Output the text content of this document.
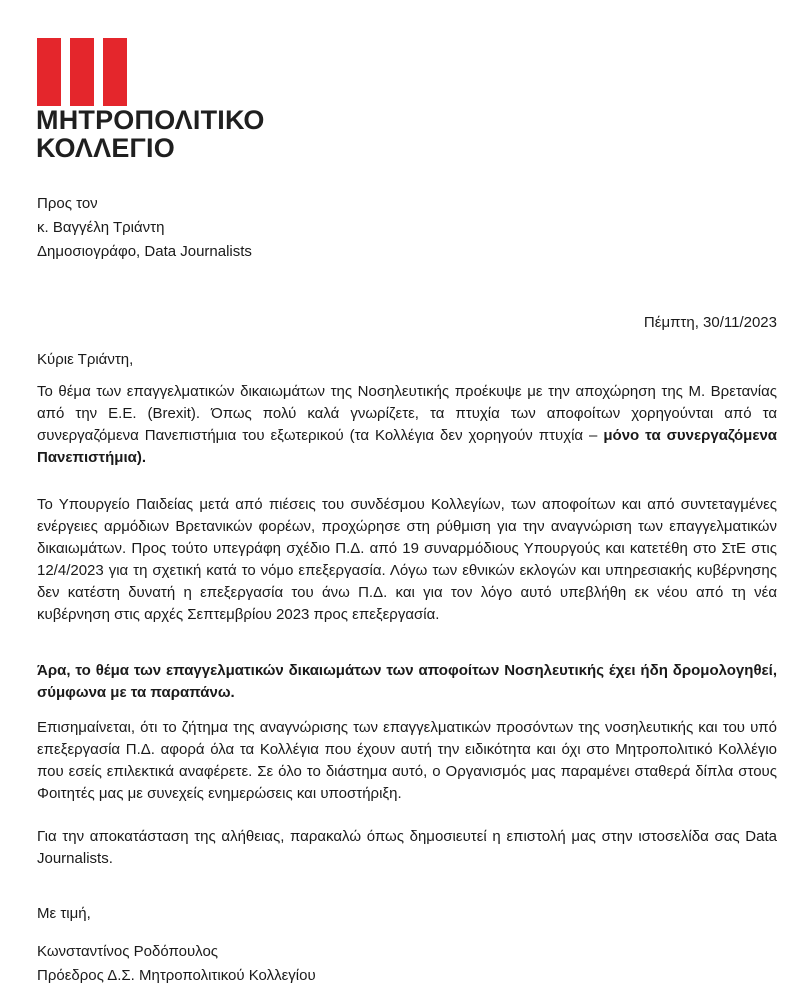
ΜΗΤΡΟΠΟΛΙΤΙΚΟ
ΚΟΛΛΕΓΙΟ
Προς τον
κ. Βαγγέλη Τριάντη
Δημοσιογράφο, Data Journalists
Πέμπτη, 30/11/2023
Κύριε Τριάντη,
Το θέμα των επαγγελματικών δικαιωμάτων της Νοσηλευτικής προέκυψε με την αποχώρηση της Μ. Βρετανίας από την Ε.Ε. (Brexit). Όπως πολύ καλά γνωρίζετε, τα πτυχία των αποφοίτων χορηγούνται από τα συνεργαζόμενα Πανεπιστήμια του εξωτερικού (τα Κολλέγια δεν χορηγούν πτυχία – μόνο τα συνεργαζόμενα Πανεπιστήμια).
Το Υπουργείο Παιδείας μετά από πιέσεις του συνδέσμου Κολλεγίων, των αποφοίτων και από συντεταγμένες ενέργειες αρμόδιων Βρετανικών φορέων, προχώρησε στη ρύθμιση για την αναγνώριση των επαγγελματικών δικαιωμάτων. Προς τούτο υπεγράφη σχέδιο Π.Δ. από 19 συναρμόδιους Υπουργούς και κατετέθη στο ΣτΕ στις 12/4/2023 για τη σχετική κατά το νόμο επεξεργασία. Λόγω των εθνικών εκλογών και υπηρεσιακής κυβέρνησης δεν κατέστη δυνατή η επεξεργασία του άνω Π.Δ. και για τον λόγο αυτό υπεβλήθη εκ νέου από τη νέα κυβέρνηση στις αρχές Σεπτεμβρίου 2023 προς επεξεργασία.
Άρα, το θέμα των επαγγελματικών δικαιωμάτων των αποφοίτων Νοσηλευτικής έχει ήδη δρομολογηθεί, σύμφωνα με τα παραπάνω.
Επισημαίνεται, ότι το ζήτημα της αναγνώρισης των επαγγελματικών προσόντων της νοσηλευτικής και του υπό επεξεργασία Π.Δ. αφορά όλα τα Κολλέγια που έχουν αυτή την ειδικότητα και όχι στο Μητροπολιτικό Κολλέγιο που εσείς επιλεκτικά αναφέρετε. Σε όλο το διάστημα αυτό, ο Οργανισμός μας παραμένει σταθερά δίπλα στους Φοιτητές μας με συνεχείς ενημερώσεις και υποστήριξη.
Για την αποκατάσταση της αλήθειας, παρακαλώ όπως δημοσιευτεί η επιστολή μας στην ιστοσελίδα σας Data Journalists.
Με τιμή,
Κωνσταντίνος Ροδόπουλος
Πρόεδρος Δ.Σ. Μητροπολιτικού Κολλεγίου
